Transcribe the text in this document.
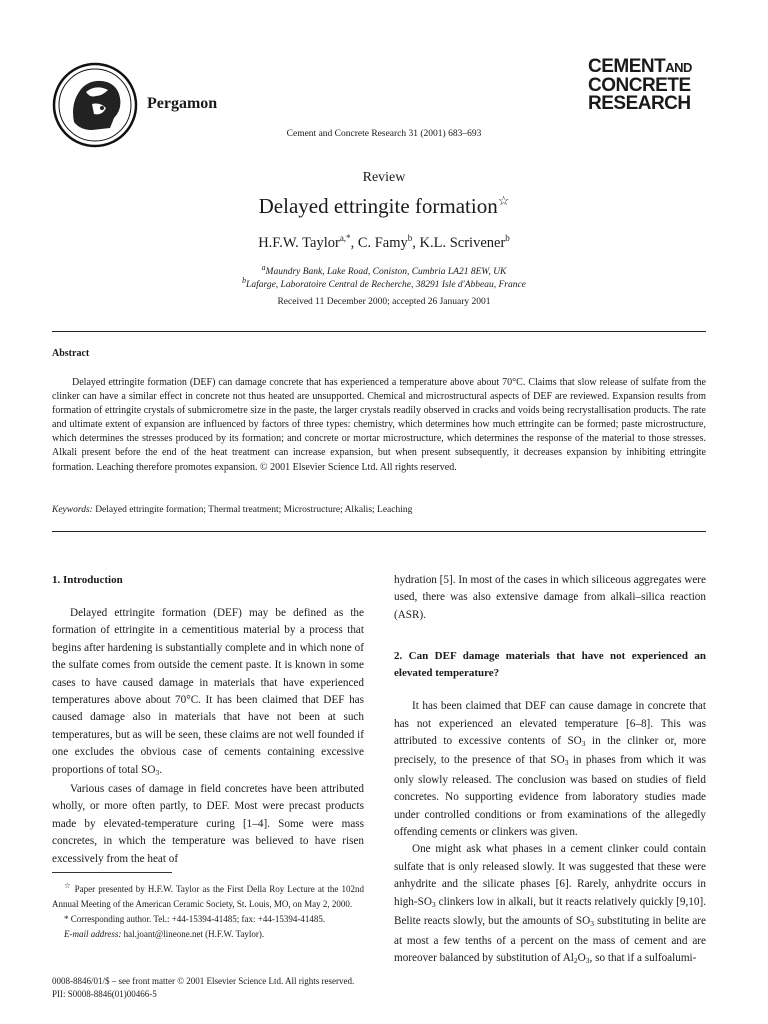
Pergamon
CEMENTAND
CONCRETE
RESEARCH
Cement and Concrete Research 31 (2001) 683–693
Review
Delayed ettringite formation☆
H.F.W. Taylor$^{a,*}$, C. Famy$^b$, K.L. Scrivener$^b$
$^a$Maundry Bank, Lake Road, Coniston, Cumbria LA21 8EW, UK
$^b$Lafarge, Laboratoire Central de Recherche, 38291 Isle d'Abbeau, France
Received 11 December 2000; accepted 26 January 2001
Abstract

Delayed ettringite formation (DEF) can damage concrete that has experienced a temperature above about 70°C. Claims that slow release of sulfate from the clinker can have a similar effect in concrete not thus heated are unsupported. Chemical and microstructural aspects of DEF are reviewed. Expansion results from formation of ettringite crystals of submicrometre size in the paste, the larger crystals readily observed in cracks and voids being recrystallisation products. The rate and ultimate extent of expansion are influenced by factors of three types: chemistry, which determines how much ettringite can be formed; paste microstructure, which determines the stresses produced by its formation; and concrete or mortar microstructure, which determines the response of the material to those stresses. Alkali present before the end of the heat treatment can increase expansion, but when present subsequently, it decreases expansion by inhibiting ettringite formation. Leaching therefore promotes expansion. © 2001 Elsevier Science Ltd. All rights reserved.

Keywords: Delayed ettringite formation; Thermal treatment; Microstructure; Alkalis; Leaching

1. Introduction

Delayed ettringite formation (DEF) may be defined as the formation of ettringite in a cementitious material by a process that begins after hardening is substantially complete and in which none of the sulfate comes from outside the cement paste. It is known in some cases to have caused damage in materials that have experienced temperatures above about 70°C. It has been claimed that DEF has caused damage also in materials that have not been at such temperatures, but as will be seen, these claims are not well founded if one excludes the obvious case of cements containing excessive proportions of total $SO_3$.

Various cases of damage in field concretes have been attributed wholly, or more often partly, to DEF. Most were precast products made by elevated-temperature curing [1–4]. Some were mass concretes, in which the temperature was believed to have risen excessively from the heat of

☆ Paper presented by H.F.W. Taylor as the First Della Roy Lecture at the 102nd Annual Meeting of the American Ceramic Society, St. Louis, MO, on May 2, 2000.

* Corresponding author. Tel.: +44-15394-41485; fax: +44-15394-41485.

E-mail address: hal.joant@lineone.net (H.F.W. Taylor).

hydration [5]. In most of the cases in which siliceous aggregates were used, there was also extensive damage from alkali–silica reaction (ASR).

2. Can DEF damage materials that have not experienced an elevated temperature?

It has been claimed that DEF can cause damage in concrete that has not experienced an elevated temperature [6–8]. This was attributed to excessive contents of $SO_3$ in the clinker or, more precisely, to the presence of that $SO_3$ in phases from which it was only slowly released. The conclusion was based on studies of field concretes. No supporting evidence from laboratory studies made under controlled conditions or from examinations of the allegedly offending cements or clinkers was given.

One might ask what phases in a cement clinker could contain sulfate that is only released slowly. It was suggested that these were anhydrite and the silicate phases [6]. Rarely, anhydrite occurs in high-$SO_3$ clinkers low in alkali, but it reacts relatively quickly [9,10]. Belite reacts slowly, but the amounts of $SO_3$ substituting in belite are at most a few tenths of a percent on the mass of cement and are moreover balanced by substitution of $Al_2O_3$, so that if a sulfoalumi-

0008-8846/01/$ – see front matter © 2001 Elsevier Science Ltd. All rights reserved.
PII: S0008-8846(01)00466-5
